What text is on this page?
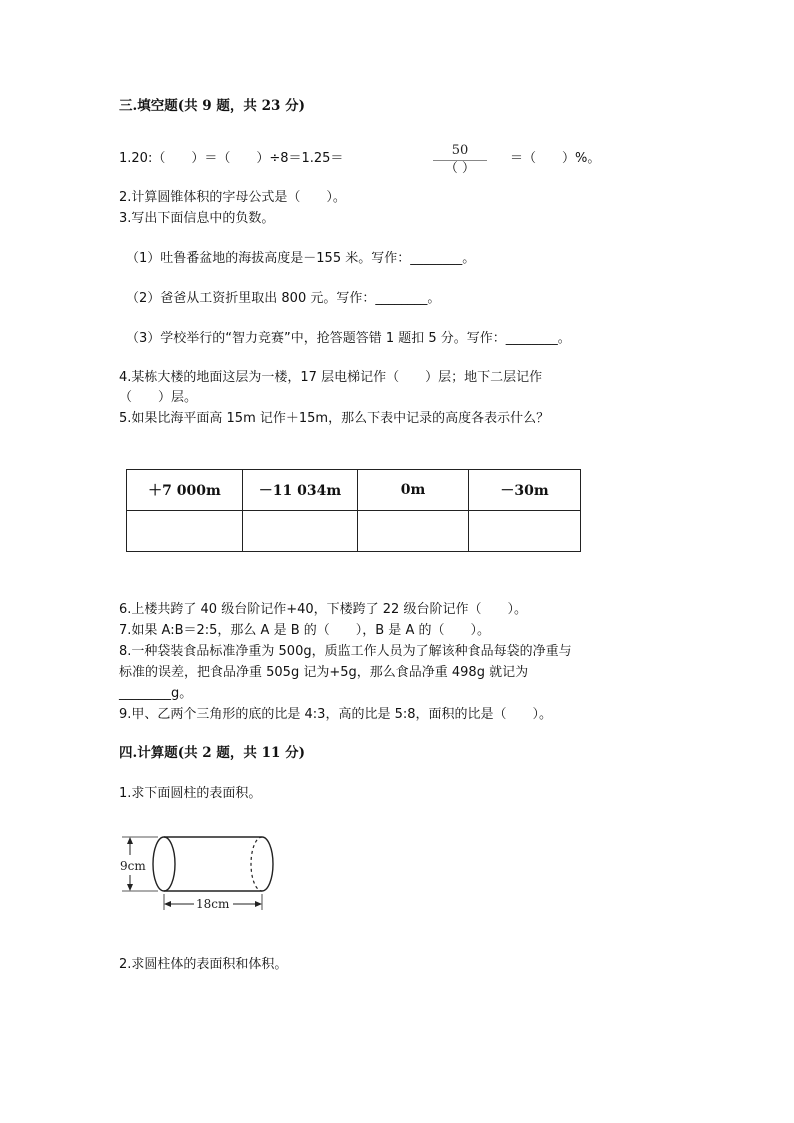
三.填空题(共 9 题，共 23 分)
1.20:（　　）＝（　　）÷8＝1.25＝
50
（ ）
＝（　　）%。
2.计算圆锥体积的字母公式是（　　）。
3.写出下面信息中的负数。
（1）吐鲁番盆地的海拔高度是－155 米。写作：________。
（2）爸爸从工资折里取出 800 元。写作：________。
（3）学校举行的“智力竞赛”中，抢答题答错 1 题扣 5 分。写作：________。
4.某栋大楼的地面这层为一楼，17 层电梯记作（　　）层；地下二层记作
（　　）层。
5.如果比海平面高 15m 记作＋15m，那么下表中记录的高度各表示什么？
＋7 000m	－11 034m	0m	－30m

6.上楼共跨了 40 级台阶记作+40，下楼跨了 22 级台阶记作（　　）。
7.如果 A:B＝2:5，那么 A 是 B 的（　　），B 是 A 的（　　）。
8.一种袋装食品标准净重为 500g，质监工作人员为了解该种食品每袋的净重与
标准的误差，把食品净重 505g 记为+5g，那么食品净重 498g 就记为
________g。
9.甲、乙两个三角形的底的比是 4:3，高的比是 5:8，面积的比是（　　）。
四.计算题(共 2 题，共 11 分)
1.求下面圆柱的表面积。
9cm
18cm
2.求圆柱体的表面积和体积。
